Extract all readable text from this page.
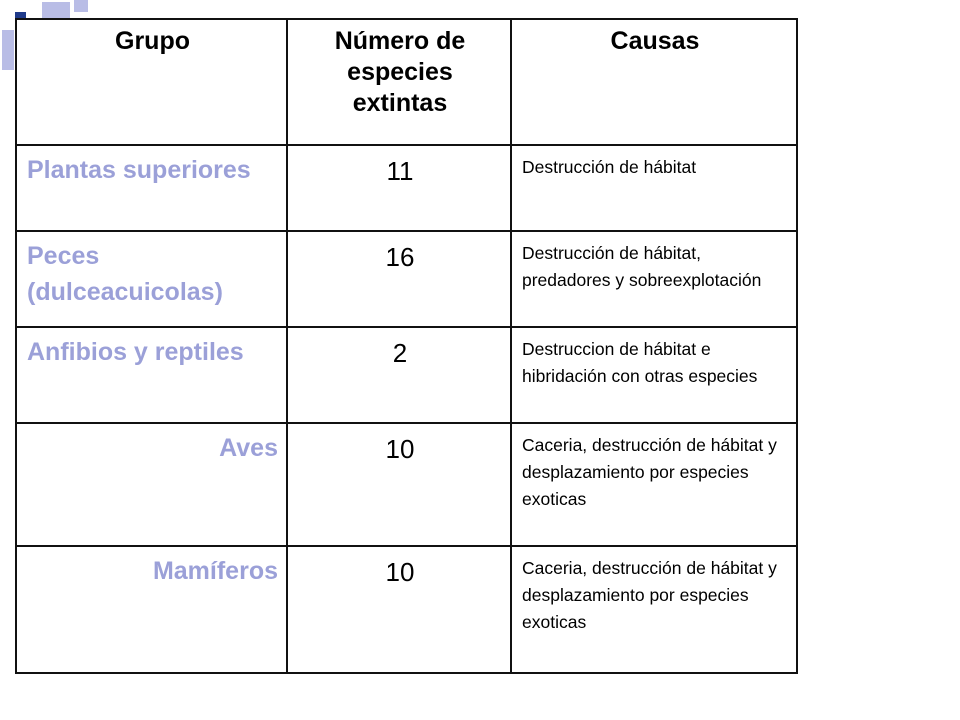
Grupo	Número de especies extintas	Causas
Plantas superiores	11	Destrucción de hábitat
Peces (dulceacuicolas)	16	Destrucción de hábitat, predadores y sobreexplotación
Anfibios y reptiles	2	Destruccion de hábitat e hibridación con otras especies
Aves	10	Caceria, destrucción de hábitat y desplazamiento por especies exoticas
Mamíferos	10	Caceria, destrucción de hábitat y desplazamiento por especies exoticas
